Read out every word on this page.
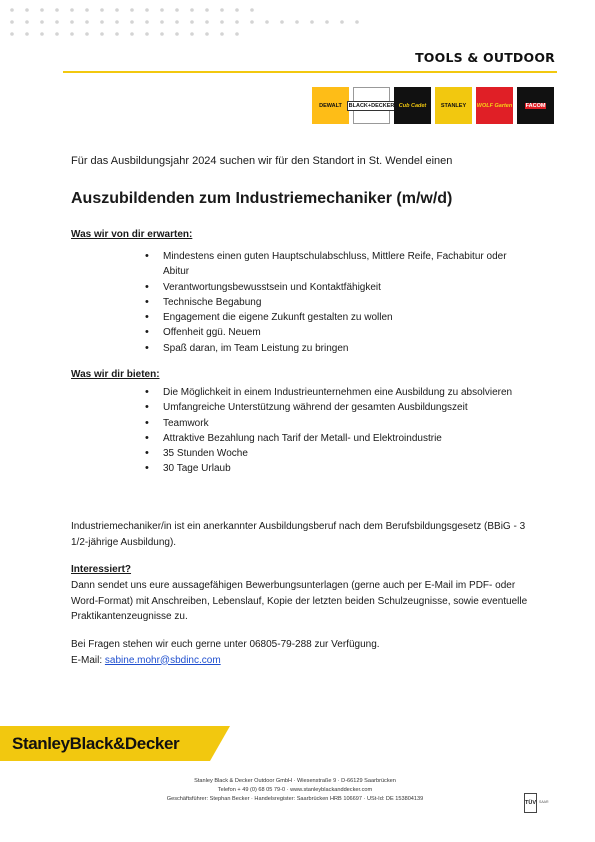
TOOLS & OUTDOOR
DEWALT	BLACK+DECKER Cub Cadet	STANLEY WOLF Garten FACOM
Für das Ausbildungsjahr 2024 suchen wir für den Standort in St. Wendel einen
Auszubildenden zum Industriemechaniker (m/w/d)
Was wir von dir erwarten:
• Mindestens einen guten Hauptschulabschluss, Mittlere Reife, Fachabitur oder Abitur
• Verantwortungsbewusstsein und Kontaktfähigkeit
• Technische Begabung
• Engagement die eigene Zukunft gestalten zu wollen
• Offenheit ggü. Neuem
• Spaß daran, im Team Leistung zu bringen
Was wir dir bieten:
• Die Möglichkeit in einem Industrieunternehmen eine Ausbildung zu absolvieren
• Umfangreiche Unterstützung während der gesamten Ausbildungszeit
• Teamwork
• Attraktive Bezahlung nach Tarif der Metall- und Elektroindustrie
• 35 Stunden Woche
• 30 Tage Urlaub
Industriemechaniker/in ist ein anerkannter Ausbildungsberuf nach dem Berufsbildungsgesetz (BBiG - 3 1/2-jährige Ausbildung).
Interessiert?
Dann sendet uns eure aussagefähigen Bewerbungsunterlagen (gerne auch per E-Mail im PDF- oder Word-Format) mit Anschreiben, Lebenslauf, Kopie der letzten beiden Schulzeugnisse, sowie eventuelle Praktikantenzeugnisse zu.
Bei Fragen stehen wir euch gerne unter 06805-79-288 zur Verfügung.
E-Mail: sabine.mohr@sbdinc.com
StanleyBlack&Decker
Stanley Black & Decker Outdoor GmbH · Wiesenstraße 9 · D-66129 Saarbrücken
Telefon + 49 (0) 68 05 79-0 · www.stanleyblackanddecker.com
Geschäftsführer: Stephan Becker · Handelsregister: Saarbrücken HRB 106697 · USt-Id: DE 153804139
TÜV SAAR
